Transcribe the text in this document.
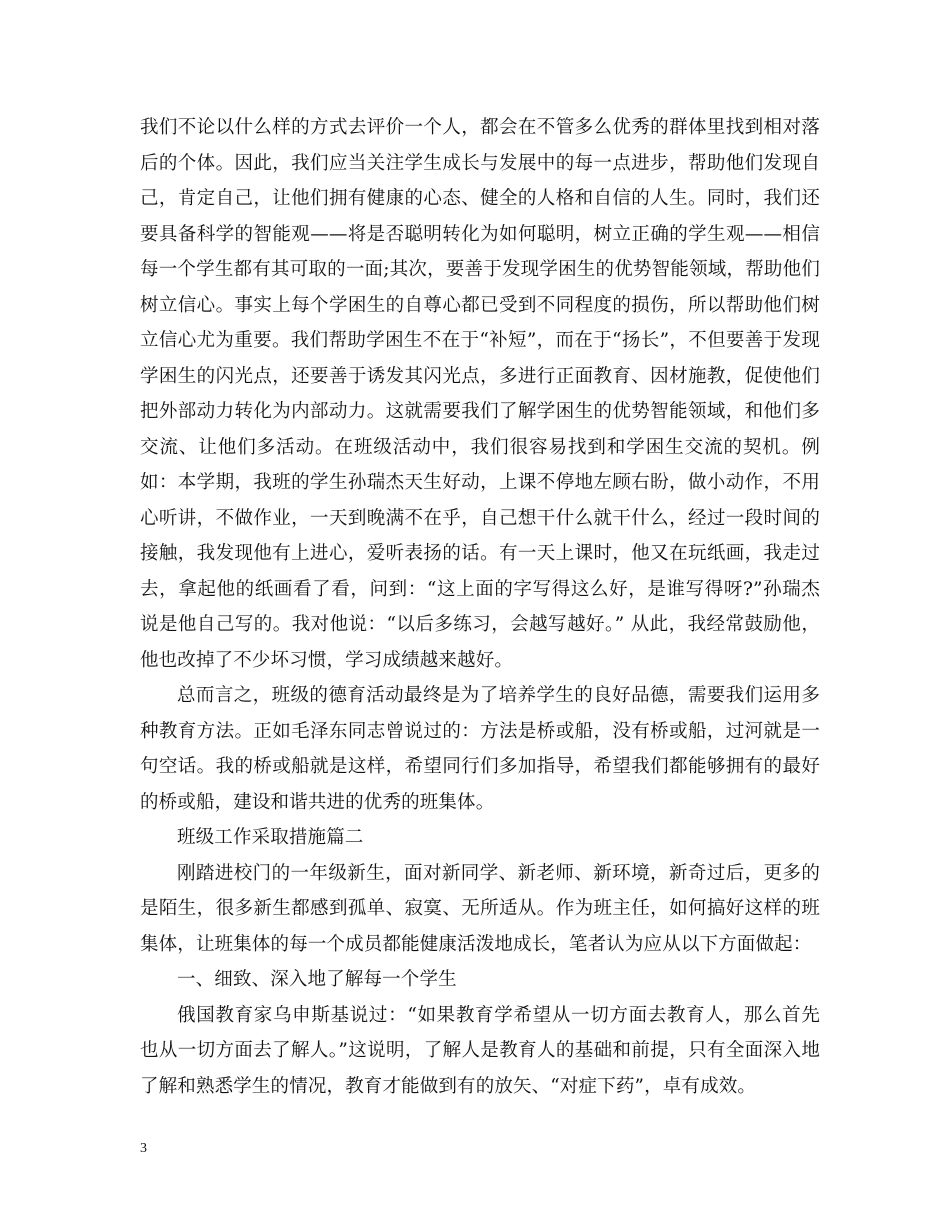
我们不论以什么样的方式去评价一个人，都会在不管多么优秀的群体里找到相对落后的个体。因此，我们应当关注学生成长与发展中的每一点进步，帮助他们发现自己，肯定自己，让他们拥有健康的心态、健全的人格和自信的人生。同时，我们还要具备科学的智能观——将是否聪明转化为如何聪明，树立正确的学生观——相信每一个学生都有其可取的一面;其次，要善于发现学困生的优势智能领域，帮助他们树立信心。事实上每个学困生的自尊心都已受到不同程度的损伤，所以帮助他们树立信心尤为重要。我们帮助学困生不在于“补短”，而在于“扬长”，不但要善于发现学困生的闪光点，还要善于诱发其闪光点，多进行正面教育、因材施教，促使他们把外部动力转化为内部动力。这就需要我们了解学困生的优势智能领域，和他们多交流、让他们多活动。在班级活动中，我们很容易找到和学困生交流的契机。例如：本学期，我班的学生孙瑞杰天生好动，上课不停地左顾右盼，做小动作，不用心听讲，不做作业，一天到晚满不在乎，自己想干什么就干什么，经过一段时间的接触，我发现他有上进心，爱听表扬的话。有一天上课时，他又在玩纸画，我走过去，拿起他的纸画看了看，问到：“这上面的字写得这么好，是谁写得呀?”孙瑞杰说是他自己写的。我对他说：“以后多练习，会越写越好。” 从此，我经常鼓励他，他也改掉了不少坏习惯，学习成绩越来越好。

总而言之，班级的德育活动最终是为了培养学生的良好品德，需要我们运用多种教育方法。正如毛泽东同志曾说过的：方法是桥或船，没有桥或船，过河就是一句空话。我的桥或船就是这样，希望同行们多加指导，希望我们都能够拥有的最好的桥或船，建设和谐共进的优秀的班集体。

班级工作采取措施篇二

刚踏进校门的一年级新生，面对新同学、新老师、新环境，新奇过后，更多的是陌生，很多新生都感到孤单、寂寞、无所适从。作为班主任，如何搞好这样的班集体，让班集体的每一个成员都能健康活泼地成长，笔者认为应从以下方面做起：

一、细致、深入地了解每一个学生

俄国教育家乌申斯基说过：“如果教育学希望从一切方面去教育人，那么首先也从一切方面去了解人。”这说明，了解人是教育人的基础和前提，只有全面深入地了解和熟悉学生的情况，教育才能做到有的放矢、“对症下药”，卓有成效。

3
